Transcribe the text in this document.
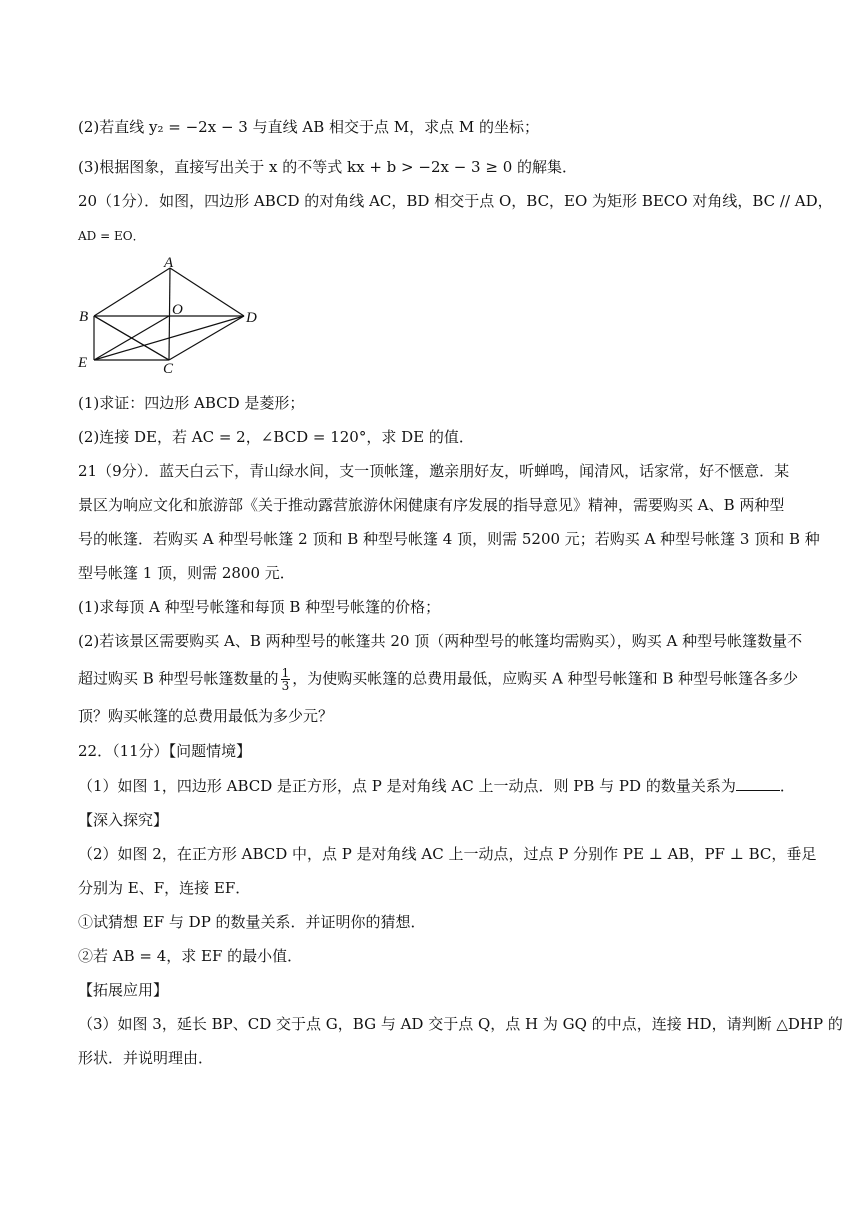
(2)若直线 y₂ = −2x − 3 与直线 AB 相交于点 M，求点 M 的坐标；
(3)根据图象，直接写出关于 x 的不等式 kx + b > −2x − 3 ≥ 0 的解集．
20（1分）．如图，四边形 ABCD 的对角线 AC，BD 相交于点 O，BC，EO 为矩形 BECO 对角线，BC // AD，
AD = EO．
A
B	O	D
E	C
(1)求证：四边形 ABCD 是菱形；
(2)连接 DE，若 AC = 2，∠BCD = 120°，求 DE 的值．
21（9分）．蓝天白云下，青山绿水间，支一顶帐篷，邀亲朋好友，听蝉鸣，闻清风，话家常，好不惬意．某
景区为响应文化和旅游部《关于推动露营旅游休闲健康有序发展的指导意见》精神，需要购买 A、B 两种型
号的帐篷．若购买 A 种型号帐篷 2 顶和 B 种型号帐篷 4 顶，则需 5200 元；若购买 A 种型号帐篷 3 顶和 B 种
型号帐篷 1 顶，则需 2800 元．
(1)求每顶 A 种型号帐篷和每顶 B 种型号帐篷的价格；
(2)若该景区需要购买 A、B 两种型号的帐篷共 20 顶（两种型号的帐篷均需购买），购买 A 种型号帐篷数量不
超过购买 B 种型号帐篷数量的 $\frac{1}{3}$ ，为使购买帐篷的总费用最低，应购买 A 种型号帐篷和 B 种型号帐篷各多少
顶？购买帐篷的总费用最低为多少元？
22．（11分）【问题情境】
（1）如图 1，四边形 ABCD 是正方形，点 P 是对角线 AC 上一动点．则 PB 与 PD 的数量关系为	．
【深入探究】
（2）如图 2，在正方形 ABCD 中，点 P 是对角线 AC 上一动点，过点 P 分别作 PE ⊥ AB，PF ⊥ BC，垂足
分别为 E、F，连接 EF．
①试猜想 EF 与 DP 的数量关系．并证明你的猜想．
②若 AB = 4，求 EF 的最小值．
【拓展应用】
（3）如图 3，延长 BP、CD 交于点 G，BG 与 AD 交于点 Q，点 H 为 GQ 的中点，连接 HD，请判断 △DHP 的
形状．并说明理由．
